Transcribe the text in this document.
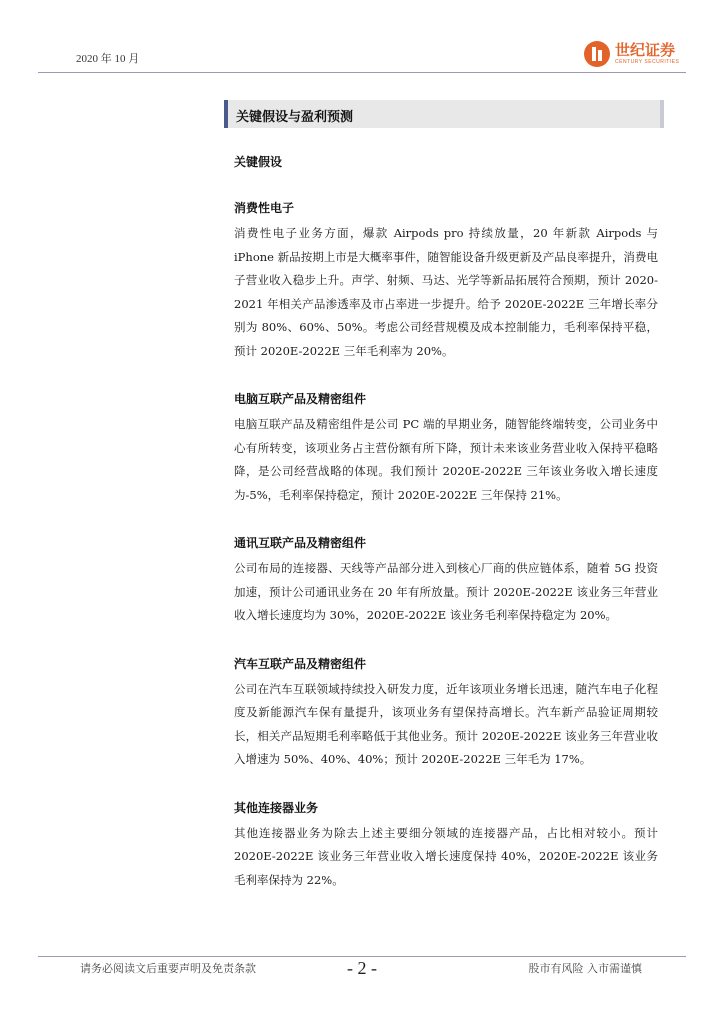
2020 年 10 月	世纪证券
CENTURY SECURITIES
关键假设与盈利预测

关键假设

消费性电子

消费性电子业务方面，爆款 Airpods pro 持续放量，20 年新款 Airpods 与 iPhone 新品按期上市是大概率事件，随智能设备升级更新及产品良率提升，消费电子营业收入稳步上升。声学、射频、马达、光学等新品拓展符合预期，预计 2020-2021 年相关产品渗透率及市占率进一步提升。给予 2020E-2022E 三年增长率分别为 80%、60%、50%。考虑公司经营规模及成本控制能力，毛利率保持平稳，预计 2020E-2022E 三年毛利率为 20%。

电脑互联产品及精密组件

电脑互联产品及精密组件是公司 PC 端的早期业务，随智能终端转变，公司业务中心有所转变，该项业务占主营份额有所下降，预计未来该业务营业收入保持平稳略降，是公司经营战略的体现。我们预计 2020E-2022E 三年该业务收入增长速度为-5%，毛利率保持稳定，预计 2020E-2022E 三年保持 21%。

通讯互联产品及精密组件

公司布局的连接器、天线等产品部分进入到核心厂商的供应链体系，随着 5G 投资加速，预计公司通讯业务在 20 年有所放量。预计 2020E-2022E 该业务三年营业收入增长速度均为 30%，2020E-2022E 该业务毛利率保持稳定为 20%。

汽车互联产品及精密组件

公司在汽车互联领域持续投入研发力度，近年该项业务增长迅速，随汽车电子化程度及新能源汽车保有量提升，该项业务有望保持高增长。汽车新产品验证周期较长，相关产品短期毛利率略低于其他业务。预计 2020E-2022E 该业务三年营业收入增速为 50%、40%、40%；预计 2020E-2022E 三年毛为 17%。

其他连接器业务

其他连接器业务为除去上述主要细分领域的连接器产品，占比相对较小。预计 2020E-2022E 该业务三年营业收入增长速度保持 40%，2020E-2022E 该业务毛利率保持为 22%。

请务必阅读文后重要声明及免责条款	- 2 -	股市有风险 入市需谨慎
